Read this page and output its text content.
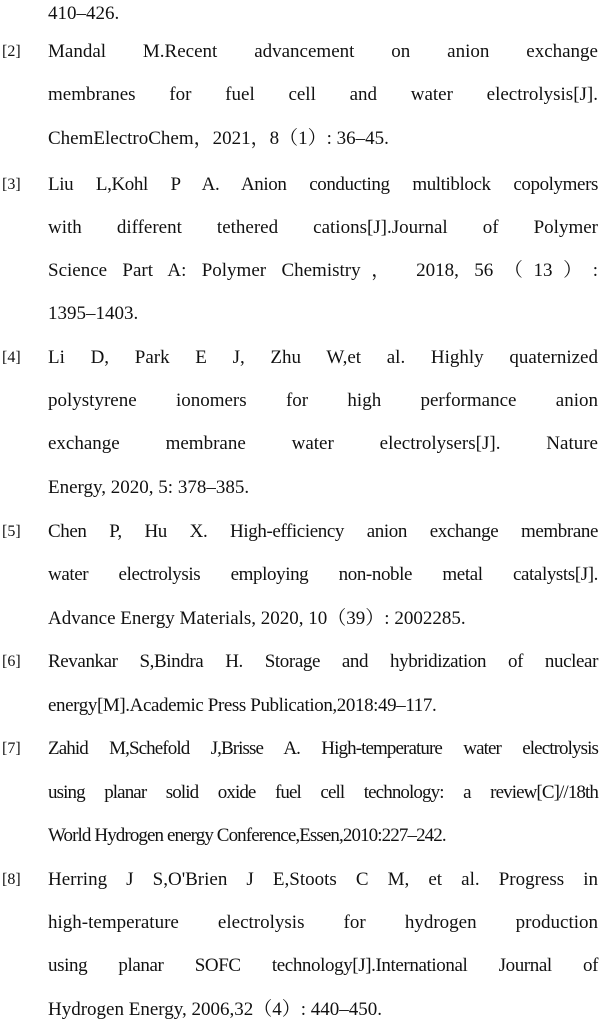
410–426.
[2] Mandal M.Recent advancement on anion exchange
membranes for fuel cell and water electrolysis[J].
ChemElectroChem，2021，8（1）: 36–45.
[3] Liu L,Kohl P A. Anion conducting multiblock copolymers
with different tethered cations[J].Journal of Polymer
Science Part A: Polymer Chemistry， 2018, 56（13）:
1395–1403.
[4] Li D, Park E J, Zhu W,et al. Highly quaternized
polystyrene ionomers for high performance anion
exchange membrane water electrolysers[J]. Nature
Energy, 2020, 5: 378–385.
[5] Chen P, Hu X. High-efficiency anion exchange membrane
water electrolysis employing non-noble metal catalysts[J].
Advance Energy Materials, 2020, 10（39）: 2002285.
[6] Revankar S,Bindra H. Storage and hybridization of nuclear
energy[M].Academic Press Publication,2018:49–117.
[7] Zahid M,Schefold J,Brisse A. High-temperature water electrolysis
using planar solid oxide fuel cell technology: a review[C]//18th
World Hydrogen energy Conference,Essen,2010:227–242.
[8] Herring J S,O'Brien J E,Stoots C M, et al. Progress in
high-temperature electrolysis for hydrogen production
using planar SOFC technology[J].International Journal of
Hydrogen Energy, 2006,32（4）: 440–450.
